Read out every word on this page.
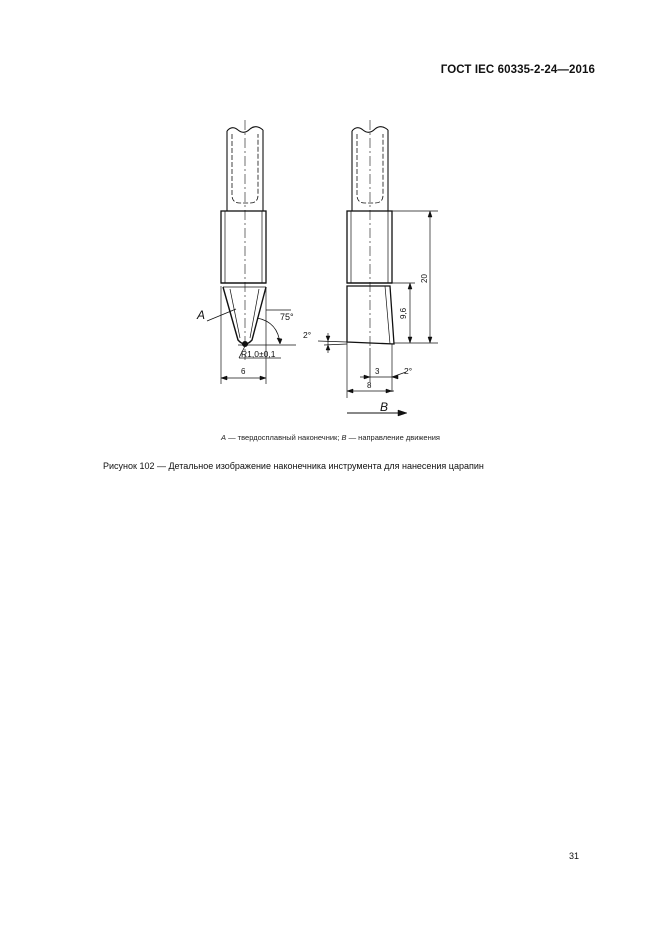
ГОСТ IEC 60335-2-24—2016
A	75°
R1,0±0,1
6
20
9,6
2°
3	2°
8
B
A — твердосплавный наконечник; B — направление движения
Рисунок 102 — Детальное изображение наконечника инструмента для нанесения царапин
31
